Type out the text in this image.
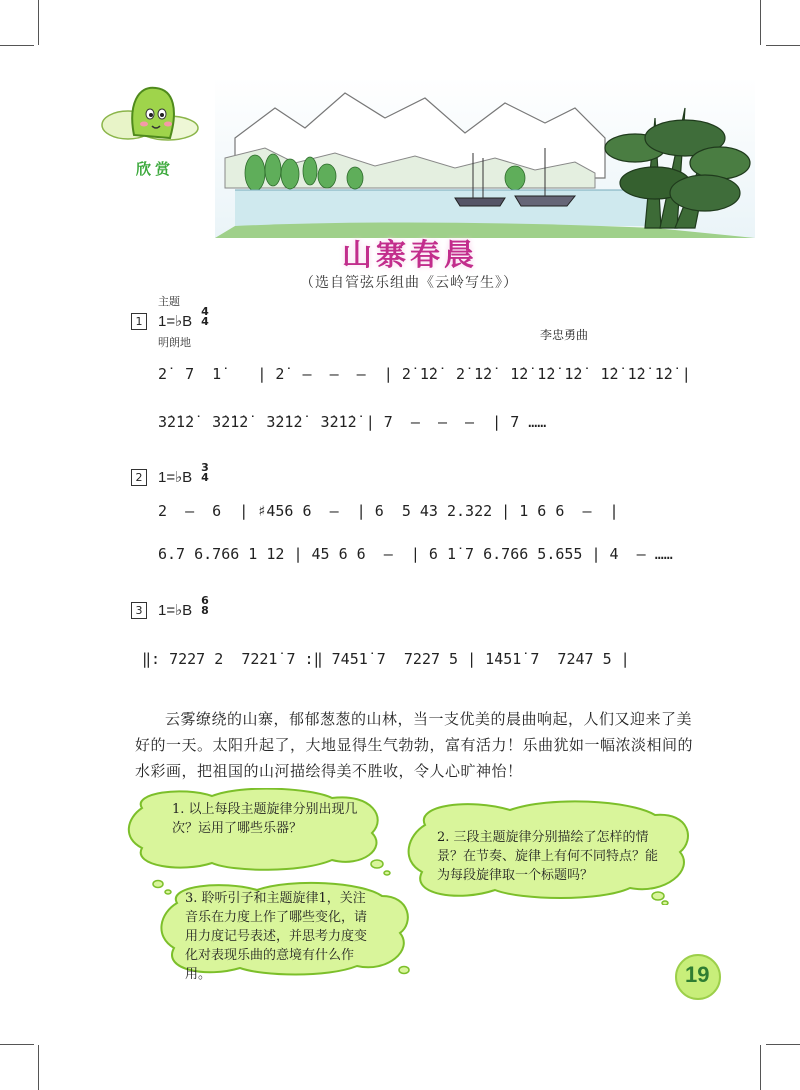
欣赏
山寨春晨
（选自管弦乐组曲《云岭写生》）
主题
1	1=♭B
4
4
明朗地
李忠勇曲
2̇  7  1̇    | 2̇  –  –  –  | 2̇ 1̇2̇  2̇ 1̇2̇  1̇2̇ 1̇2̇ 1̇2̇  1̇2̇ 1̇2̇ 1̇2̇ |
3̇2̇1̇2̇  3̇2̇1̇2̇  3̇2̇1̇2̇  3̇2̇1̇2̇ | 7  –  –  –  | 7 ……
2	1=♭B
3
4
2  –  6  | ♯456 6  –  | 6  5 43 2.322 | 1 6 6  –  |
6.7 6.766 1 12 | 45 6 6  –  | 6 1̇ 7 6.766 5.655 | 4  – ……
3	1=♭B
6
8
‖: 7227 2  7221̇ 7 :‖ 7451̇ 7  7227 5 | 1̇451̇ 7  7247 5 |
云雾缭绕的山寨，郁郁葱葱的山林，当一支优美的晨曲响起，人们又迎来了美好的一天。太阳升起了，大地显得生气勃勃，富有活力！乐曲犹如一幅浓淡相间的水彩画，把祖国的山河描绘得美不胜收，令人心旷神怡！
1. 以上每段主题旋律分别出现几次？运用了哪些乐器？
2. 三段主题旋律分别描绘了怎样的情景？在节奏、旋律上有何不同特点？能为每段旋律取一个标题吗？
3. 聆听引子和主题旋律1，关注音乐在力度上作了哪些变化，请用力度记号表述，并思考力度变化对表现乐曲的意境有什么作用。	19
